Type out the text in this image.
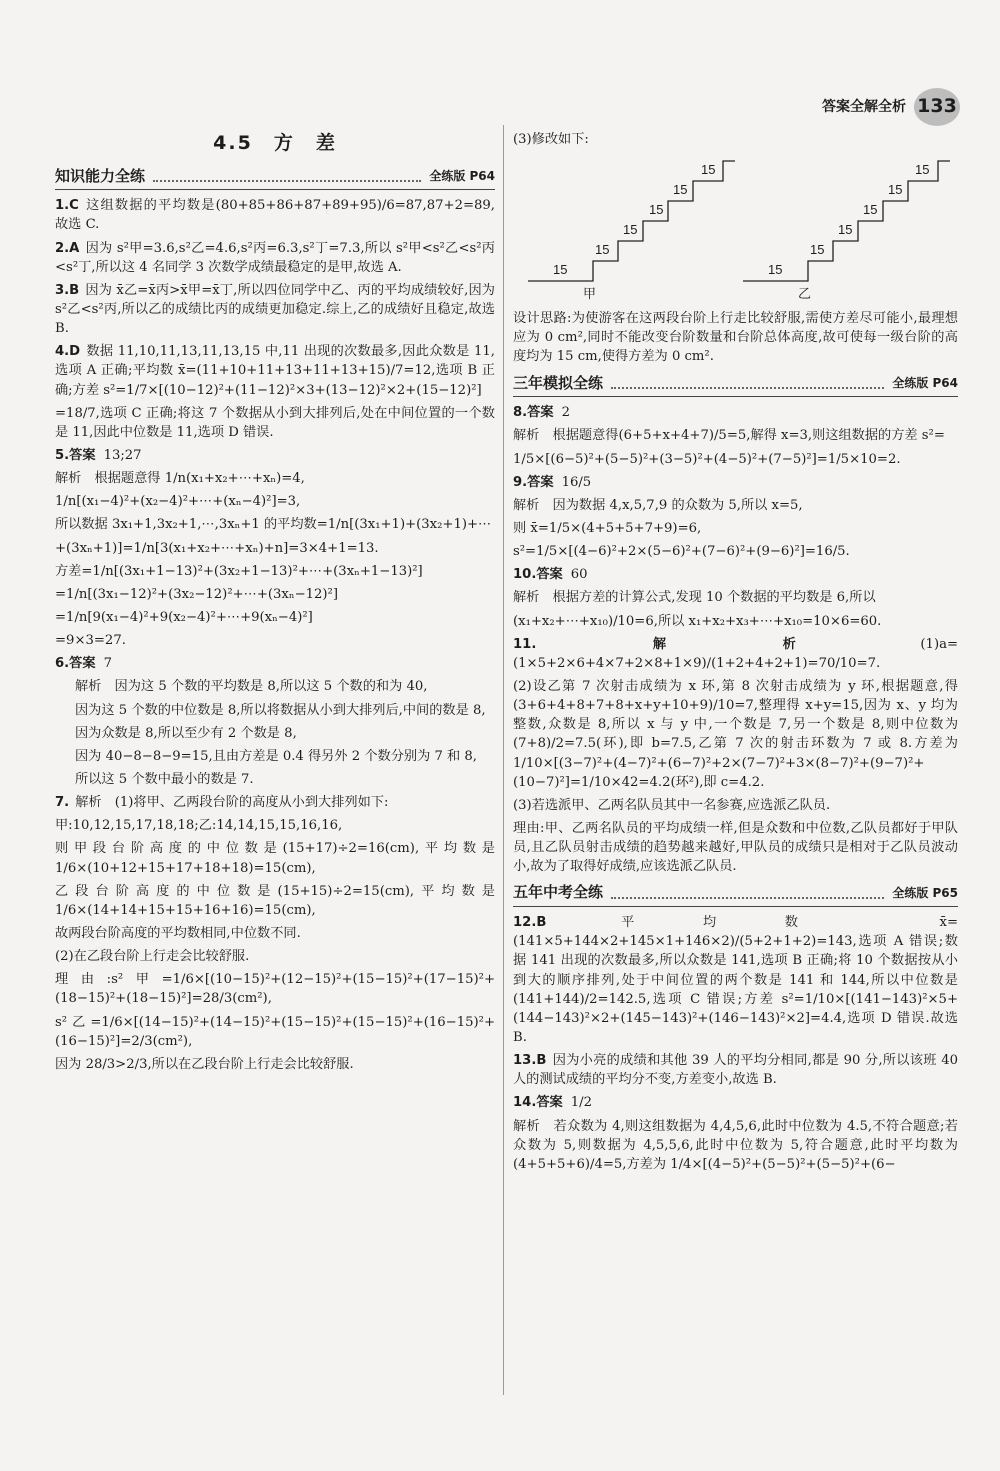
答案全解全析 133
4.5　方　差
知识能力全练	全练版 P64

1.C 这组数据的平均数是(80+85+86+87+89+95)/6=87,87+2=89,故选 C.

2.A 因为 s²甲=3.6,s²乙=4.6,s²丙=6.3,s²丁=7.3,所以 s²甲<s²乙<s²丙<s²丁,所以这 4 名同学 3 次数学成绩最稳定的是甲,故选 A.

3.B 因为 x̄乙=x̄丙>x̄甲=x̄丁,所以四位同学中乙、丙的平均成绩较好,因为 s²乙<s²丙,所以乙的成绩比丙的成绩更加稳定.综上,乙的成绩好且稳定,故选 B.

4.D 数据 11,10,11,13,11,13,15 中,11 出现的次数最多,因此众数是 11,选项 A 正确;平均数 x̄=(11+10+11+13+11+13+15)/7=12,选项 B 正确;方差 s²=1/7×[(10−12)²+(11−12)²×3+(13−12)²×2+(15−12)²]

=18/7,选项 C 正确;将这 7 个数据从小到大排列后,处在中间位置的一个数是 11,因此中位数是 11,选项 D 错误.

5.答案 13;27

解析　根据题意得 1/n(x₁+x₂+⋯+xₙ)=4,

1/n[(x₁−4)²+(x₂−4)²+⋯+(xₙ−4)²]=3,

所以数据 3x₁+1,3x₂+1,⋯,3xₙ+1 的平均数=1/n[(3x₁+1)+(3x₂+1)+⋯

+(3xₙ+1)]=1/n[3(x₁+x₂+⋯+xₙ)+n]=3×4+1=13.

方差=1/n[(3x₁+1−13)²+(3x₂+1−13)²+⋯+(3xₙ+1−13)²]

=1/n[(3x₁−12)²+(3x₂−12)²+⋯+(3xₙ−12)²]

=1/n[9(x₁−4)²+9(x₂−4)²+⋯+9(xₙ−4)²]

=9×3=27.

6.答案 7

解析　因为这 5 个数的平均数是 8,所以这 5 个数的和为 40,

因为这 5 个数的中位数是 8,所以将数据从小到大排列后,中间的数是 8,

因为众数是 8,所以至少有 2 个数是 8,

因为 40−8−8−9=15,且由方差是 0.4 得另外 2 个数分别为 7 和 8,

所以这 5 个数中最小的数是 7.

7. 解析　(1)将甲、乙两段台阶的高度从小到大排列如下:

甲:10,12,15,17,18,18;乙:14,14,15,15,16,16,

则甲段台阶高度的中位数是(15+17)÷2=16(cm),平均数是 1/6×(10+12+15+17+18+18)=15(cm),

乙段台阶高度的中位数是(15+15)÷2=15(cm),平均数是 1/6×(14+14+15+15+16+16)=15(cm),

故两段台阶高度的平均数相同,中位数不同.

(2)在乙段台阶上行走会比较舒服.

理由:s²甲=1/6×[(10−15)²+(12−15)²+(15−15)²+(17−15)²+(18−15)²+(18−15)²]=28/3(cm²),

s²乙=1/6×[(14−15)²+(14−15)²+(15−15)²+(15−15)²+(16−15)²+(16−15)²]=2/3(cm²),

因为 28/3>2/3,所以在乙段台阶上行走会比较舒服.

(3)修改如下:

15
15
15
15
15
15
15
15
15
15
15
15
甲	乙

设计思路:为使游客在这两段台阶上行走比较舒服,需使方差尽可能小,最理想应为 0 cm²,同时不能改变台阶数量和台阶总体高度,故可使每一级台阶的高度均为 15 cm,使得方差为 0 cm².

三年模拟全练	全练版 P64

8.答案 2

解析　根据题意得(6+5+x+4+7)/5=5,解得 x=3,则这组数据的方差 s²=

1/5×[(6−5)²+(5−5)²+(3−5)²+(4−5)²+(7−5)²]=1/5×10=2.

9.答案 16/5

解析　因为数据 4,x,5,7,9 的众数为 5,所以 x=5,

则 x̄=1/5×(4+5+5+7+9)=6,

s²=1/5×[(4−6)²+2×(5−6)²+(7−6)²+(9−6)²]=16/5.

10.答案 60

解析　根据方差的计算公式,发现 10 个数据的平均数是 6,所以

(x₁+x₂+⋯+x₁₀)/10=6,所以 x₁+x₂+x₃+⋯+x₁₀=10×6=60.

11.解析 (1)a=(1×5+2×6+4×7+2×8+1×9)/(1+2+4+2+1)=70/10=7.

(2)设乙第 7 次射击成绩为 x 环,第 8 次射击成绩为 y 环,根据题意,得(3+6+4+8+7+8+x+y+10+9)/10=7,整理得 x+y=15,因为 x、y 均为整数,众数是 8,所以 x 与 y 中,一个数是 7,另一个数是 8,则中位数为(7+8)/2=7.5(环),即 b=7.5,乙第 7 次的射击环数为 7 或 8.方差为 1/10×[(3−7)²+(4−7)²+(6−7)²+2×(7−7)²+3×(8−7)²+(9−7)²+(10−7)²]=1/10×42=4.2(环²),即 c=4.2.

(3)若选派甲、乙两名队员其中一名参赛,应选派乙队员.

理由:甲、乙两名队员的平均成绩一样,但是众数和中位数,乙队员都好于甲队员,且乙队员射击成绩的趋势越来越好,甲队员的成绩只是相对于乙队员波动小,故为了取得好成绩,应该选派乙队员.

五年中考全练	全练版 P65

12.B 平均数 x̄=(141×5+144×2+145×1+146×2)/(5+2+1+2)=143,选项 A 错误;数据 141 出现的次数最多,所以众数是 141,选项 B 正确;将 10 个数据按从小到大的顺序排列,处于中间位置的两个数是 141 和 144,所以中位数是(141+144)/2=142.5,选项 C 错误;方差 s²=1/10×[(141−143)²×5+(144−143)²×2+(145−143)²+(146−143)²×2]=4.4,选项 D 错误.故选 B.

13.B 因为小亮的成绩和其他 39 人的平均分相同,都是 90 分,所以该班 40 人的测试成绩的平均分不变,方差变小,故选 B.

14.答案 1/2

解析　若众数为 4,则这组数据为 4,4,5,6,此时中位数为 4.5,不符合题意;若众数为 5,则数据为 4,5,5,6,此时中位数为 5,符合题意,此时平均数为(4+5+5+6)/4=5,方差为 1/4×[(4−5)²+(5−5)²+(5−5)²+(6−
